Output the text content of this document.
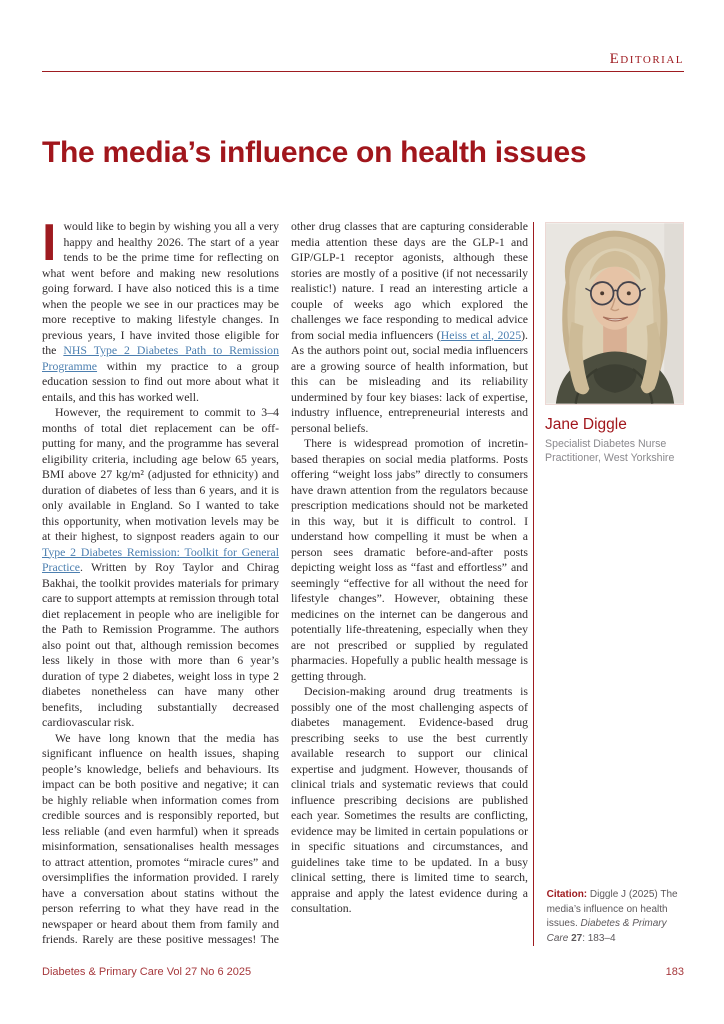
Editorial
The media’s influence on health issues

Iwould like to begin by wishing you all a very happy and healthy 2026. The start of a year tends to be the prime time for reflecting on what went before and making new resolutions going forward. I have also noticed this is a time when the people we see in our practices may be more receptive to making lifestyle changes. In previous years, I have invited those eligible for the NHS Type 2 Diabetes Path to Remission Programme within my practice to a group education session to find out more about what it entails, and this has worked well.

However, the requirement to commit to 3–4 months of total diet replacement can be off-putting for many, and the programme has several eligibility criteria, including age below 65 years, BMI above 27 kg/m² (adjusted for ethnicity) and duration of diabetes of less than 6 years, and it is only available in England. So I wanted to take this opportunity, when motivation levels may be at their highest, to signpost readers again to our Type 2 Diabetes Remission: Toolkit for General Practice. Written by Roy Taylor and Chirag Bakhai, the toolkit provides materials for primary care to support attempts at remission through total diet replacement in people who are ineligible for the Path to Remission Programme. The authors also point out that, although remission becomes less likely in those with more than 6 year’s duration of type 2 diabetes, weight loss in type 2 diabetes nonetheless can have many other benefits, including substantially decreased cardiovascular risk.

We have long known that the media has significant influence on health issues, shaping people’s knowledge, beliefs and behaviours. Its impact can be both positive and negative; it can be highly reliable when information comes from credible sources and is responsibly reported, but less reliable (and even harmful) when it spreads misinformation, sensationalises health messages to attract attention, promotes “miracle cures” and oversimplifies the information provided. I rarely have a conversation about statins without the person referring to what they have read in the newspaper or heard about them from family and friends. Rarely are these positive messages! The other drug classes that are capturing considerable media attention these days are the GLP-1 and GIP/GLP-1 receptor agonists, although these stories are mostly of a positive (if not necessarily realistic!) nature. I read an interesting article a couple of weeks ago which explored the challenges we face responding to medical advice from social media influencers (Heiss et al, 2025). As the authors point out, social media influencers are a growing source of health information, but this can be misleading and its reliability undermined by four key biases: lack of expertise, industry influence, entrepreneurial interests and personal beliefs.

There is widespread promotion of incretin-based therapies on social media platforms. Posts offering “weight loss jabs” directly to consumers have drawn attention from the regulators because prescription medications should not be marketed in this way, but it is difficult to control. I understand how compelling it must be when a person sees dramatic before-and-after posts depicting weight loss as “fast and effortless” and seemingly “effective for all without the need for lifestyle changes”. However, obtaining these medicines on the internet can be dangerous and potentially life-threatening, especially when they are not prescribed or supplied by regulated pharmacies. Hopefully a public health message is getting through.

Decision-making around drug treatments is possibly one of the most challenging aspects of diabetes management. Evidence-based drug prescribing seeks to use the best currently available research to support our clinical expertise and judgment. However, thousands of clinical trials and systematic reviews that could influence prescribing decisions are published each year. Sometimes the results are conflicting, evidence may be limited in certain populations or in specific situations and circumstances, and guidelines take time to be updated. In a busy clinical setting, there is limited time to search, appraise and apply the latest evidence during a consultation.

Jane Diggle
Specialist Diabetes Nurse Practitioner, West Yorkshire
Citation: Diggle J (2025) The media’s influence on health issues. Diabetes & Primary Care 27: 183–4
Diabetes & Primary Care Vol 27 No 6 2025	183
